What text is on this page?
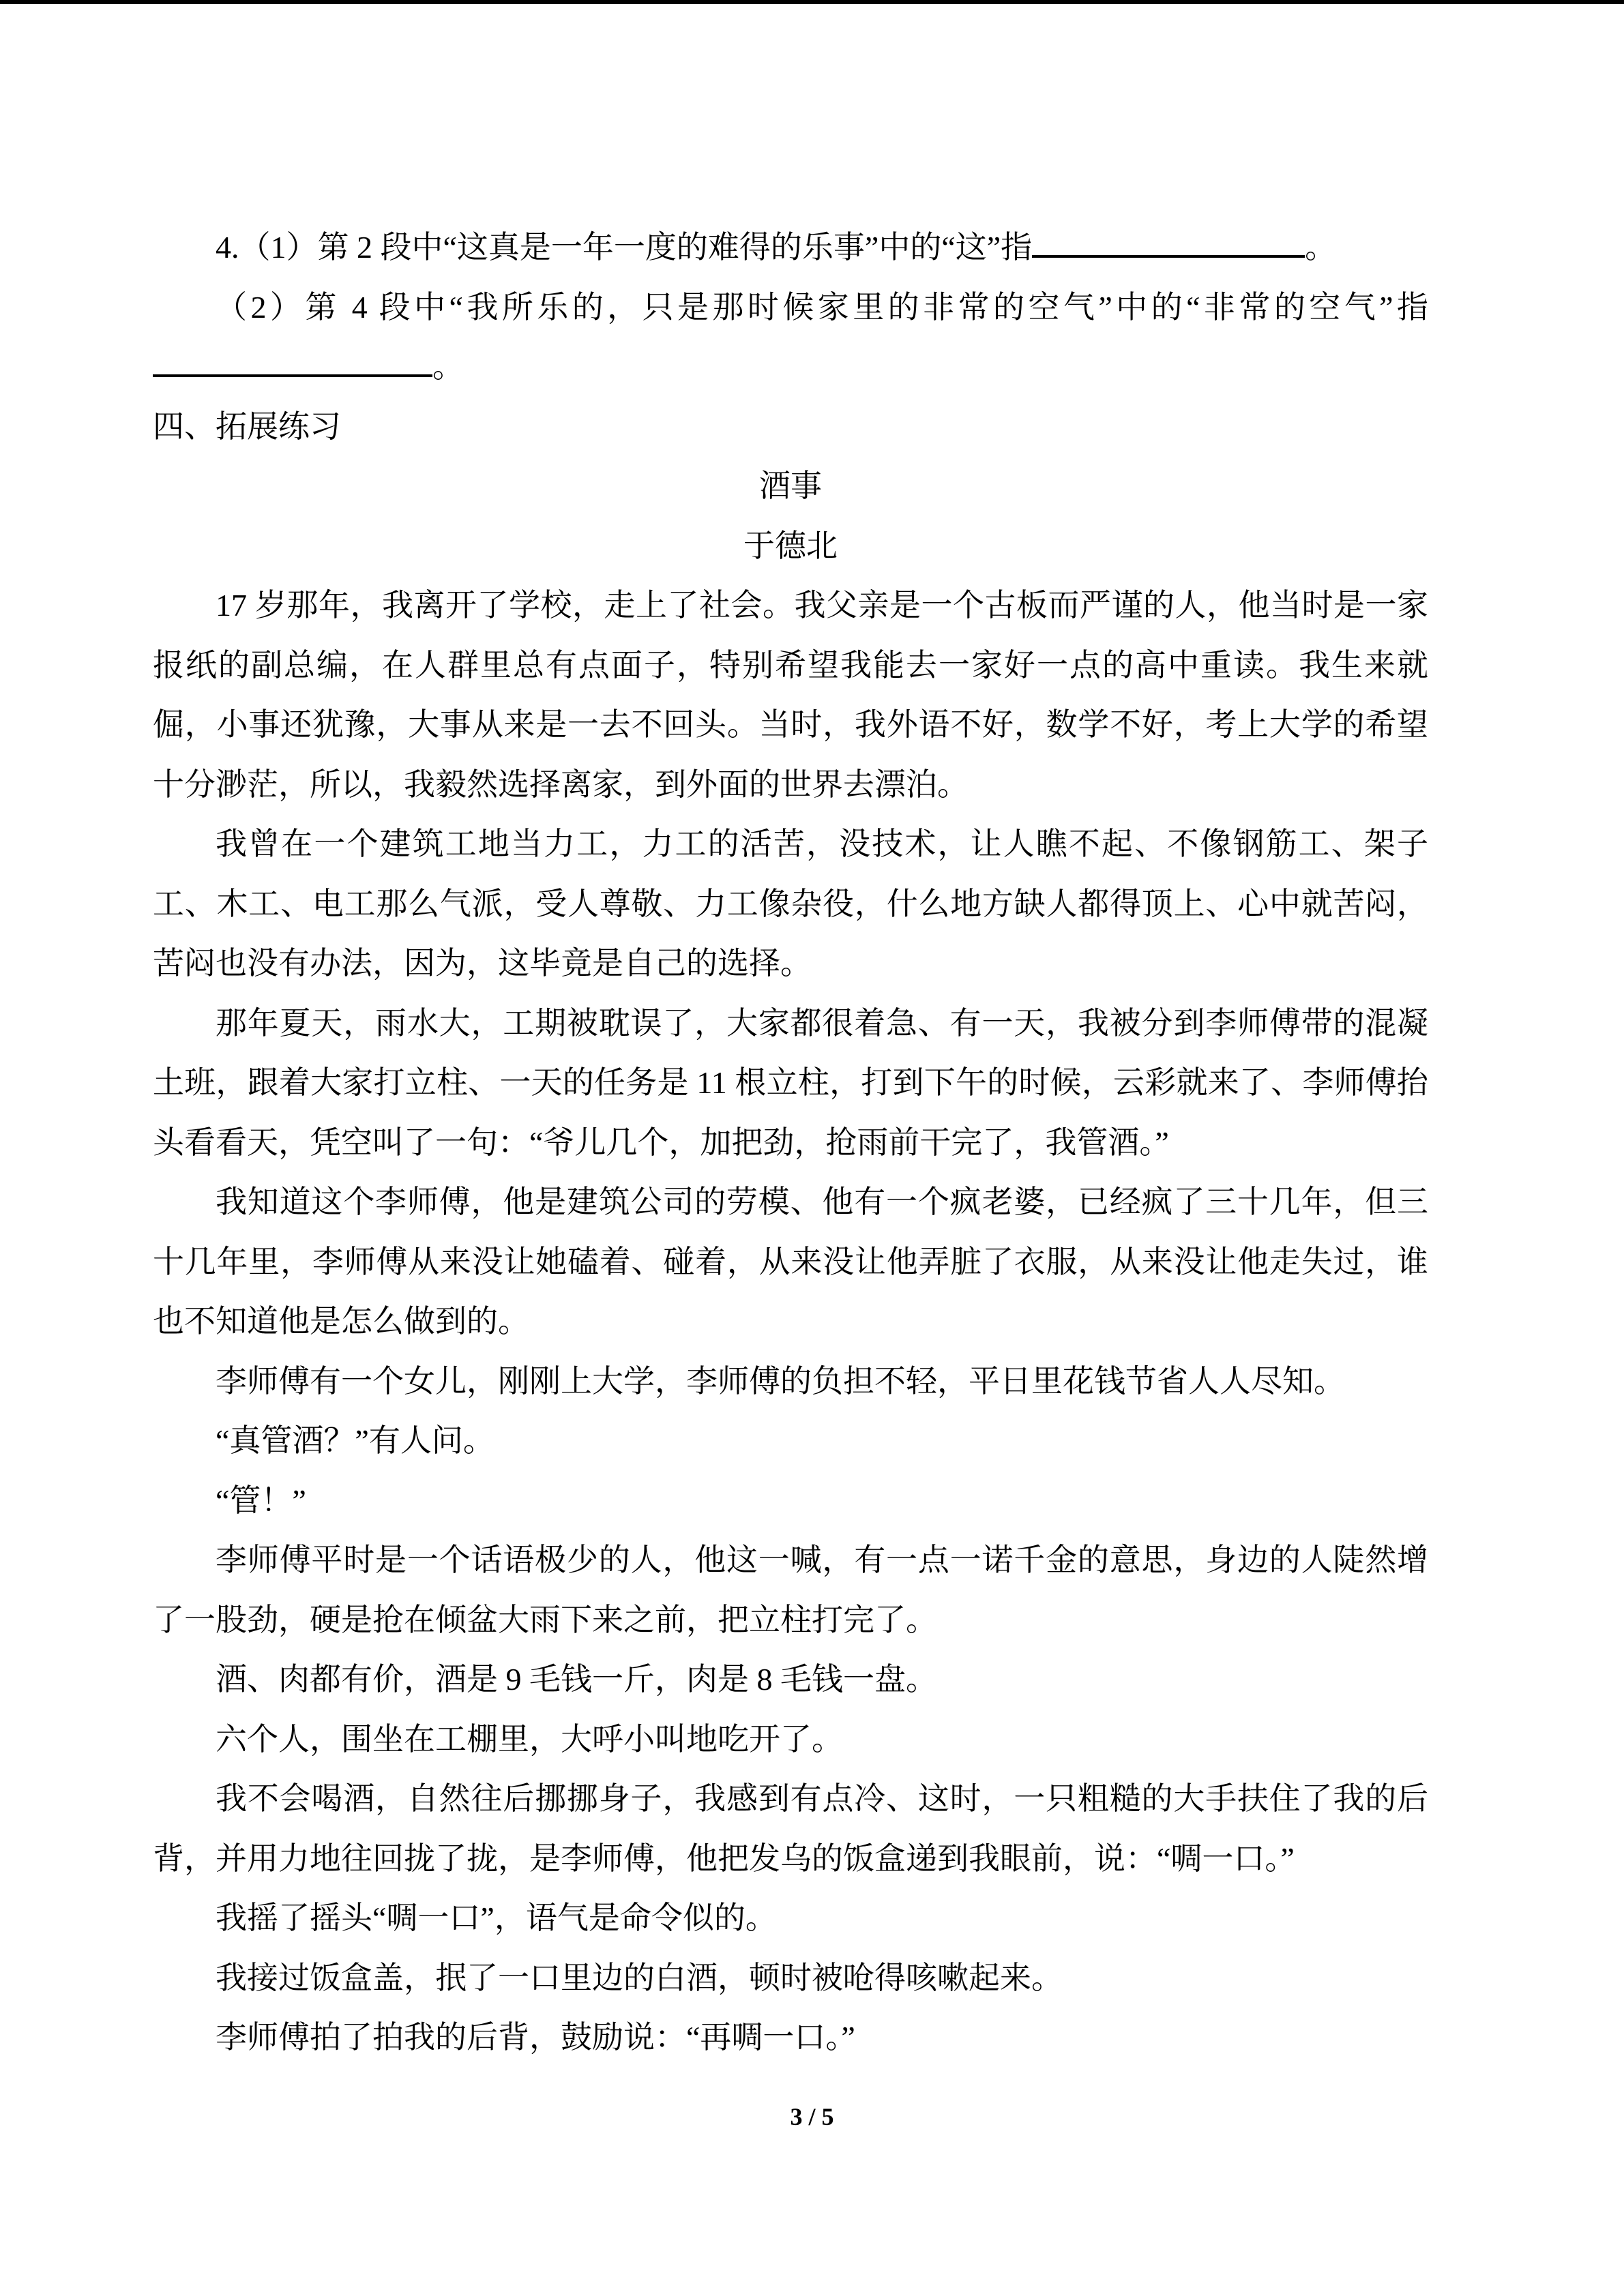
4.（1）第 2 段中“这真是一年一度的难得的乐事”中的“这”指	。

（2）第 4 段中“我所乐的，只是那时候家里的非常的空气”中的“非常的空气”指。

四、拓展练习

酒事

于德北

17 岁那年，我离开了学校，走上了社会。我父亲是一个古板而严谨的人，他当时是一家报纸的副总编，在人群里总有点面子，特别希望我能去一家好一点的高中重读。我生来就倔，小事还犹豫，大事从来是一去不回头。当时，我外语不好，数学不好，考上大学的希望十分渺茫，所以，我毅然选择离家，到外面的世界去漂泊。

我曾在一个建筑工地当力工，力工的活苦，没技术，让人瞧不起、不像钢筋工、架子工、木工、电工那么气派，受人尊敬、力工像杂役，什么地方缺人都得顶上、心中就苦闷，苦闷也没有办法，因为，这毕竟是自己的选择。

那年夏天，雨水大，工期被耽误了，大家都很着急、有一天，我被分到李师傅带的混凝土班，跟着大家打立柱、一天的任务是 11 根立柱，打到下午的时候，云彩就来了、李师傅抬头看看天，凭空叫了一句：“爷儿几个，加把劲，抢雨前干完了，我管酒。”

我知道这个李师傅，他是建筑公司的劳模、他有一个疯老婆，已经疯了三十几年，但三十几年里，李师傅从来没让她磕着、碰着，从来没让他弄脏了衣服，从来没让他走失过，谁也不知道他是怎么做到的。

李师傅有一个女儿，刚刚上大学，李师傅的负担不轻，平日里花钱节省人人尽知。

“真管酒？”有人问。

“管！”

李师傅平时是一个话语极少的人，他这一喊，有一点一诺千金的意思，身边的人陡然增了一股劲，硬是抢在倾盆大雨下来之前，把立柱打完了。

酒、肉都有价，酒是 9 毛钱一斤，肉是 8 毛钱一盘。

六个人，围坐在工棚里，大呼小叫地吃开了。

我不会喝酒，自然往后挪挪身子，我感到有点冷、这时，一只粗糙的大手扶住了我的后背，并用力地往回拢了拢，是李师傅，他把发乌的饭盒递到我眼前，说：“啁一口。”

我摇了摇头“啁一口”，语气是命令似的。

我接过饭盒盖，抿了一口里边的白酒，顿时被呛得咳嗽起来。

李师傅拍了拍我的后背，鼓励说：“再啁一口。”

3 / 5
